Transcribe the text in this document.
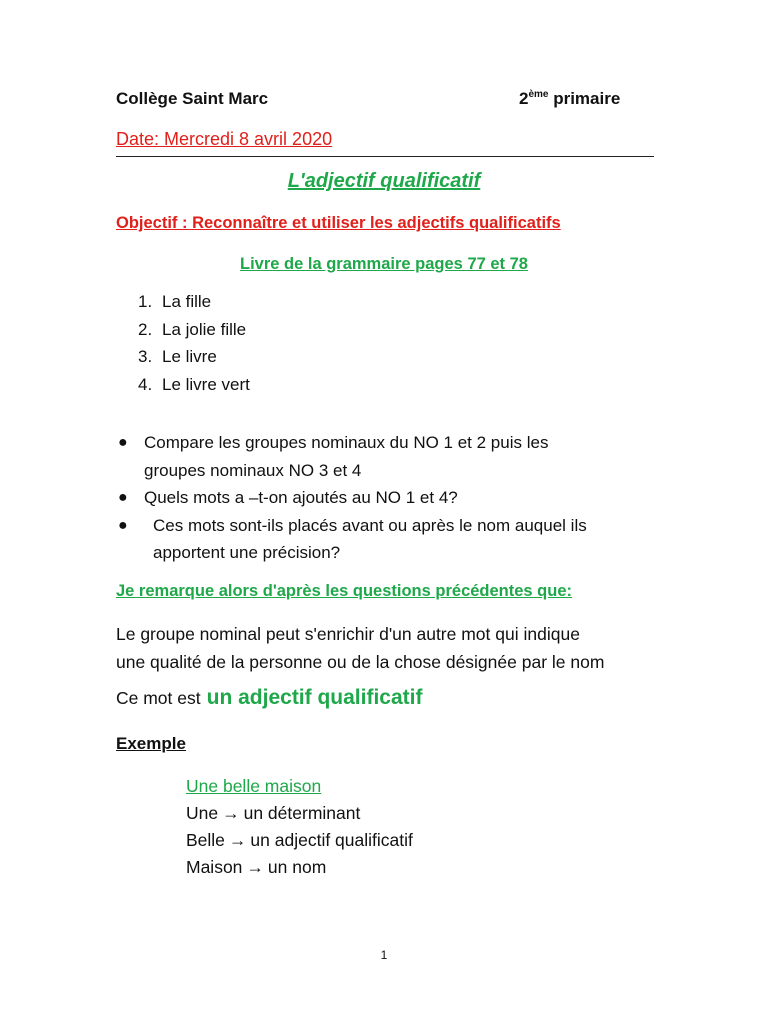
Collège Saint Marc	2ème primaire
Date: Mercredi 8 avril 2020
L'adjectif qualificatif
Objectif : Reconnaître et utiliser les adjectifs qualificatifs
Livre de la grammaire pages 77 et 78
1. La fille
2. La jolie fille
3. Le livre
4. Le livre vert
● Compare les groupes nominaux du NO 1 et 2 puis les
groupes nominaux NO 3 et 4
● Quels mots a –t-on ajoutés au NO 1 et 4?
●	Ces mots sont-ils placés avant ou après le nom auquel ils
apportent une précision?
Je remarque alors d'après les questions précédentes que:
Le groupe nominal peut s'enrichir d'un autre mot qui indique
une qualité de la personne ou de la chose désignée par le nom
Ce mot est un adjectif qualificatif
Exemple
Une belle maison
Une → un déterminant
Belle → un adjectif qualificatif
Maison → un nom
1
